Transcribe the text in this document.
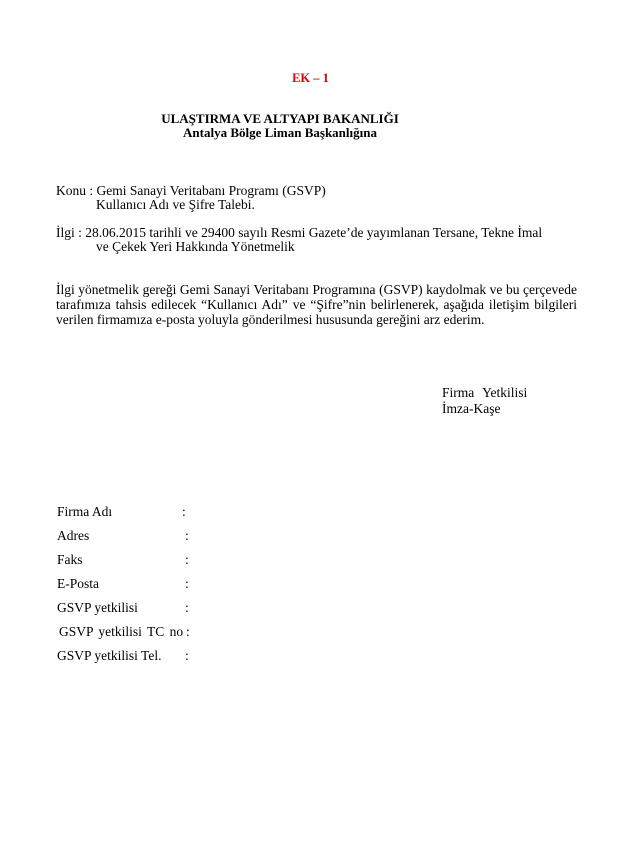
EK – 1
ULAŞTIRMA VE ALTYAPI BAKANLIĞI
Antalya Bölge Liman Başkanlığına
Konu : Gemi Sanayi Veritabanı Programı (GSVP)
Kullanıcı Adı ve Şifre Talebi.
İlgi : 28.06.2015 tarihli ve 29400 sayılı Resmi Gazete’de yayımlanan Tersane, Tekne İmal
ve Çekek Yeri Hakkında Yönetmelik
İlgi yönetmelik gereği Gemi Sanayi Veritabanı Programına (GSVP) kaydolmak ve bu çerçevede tarafımıza tahsis edilecek “Kullanıcı Adı” ve “Şifre”nin belirlenerek, aşağıda iletişim bilgileri verilen firmamıza e-posta yoluyla gönderilmesi hususunda gereğini arz ederim.
Firma Yetkilisi
İmza-Kaşe
Firma Adı	:
Adres	:
Faks	:
E-Posta	:
GSVP yetkilisi	:
GSVP yetkilisi TC no :
GSVP yetkilisi Tel. :
